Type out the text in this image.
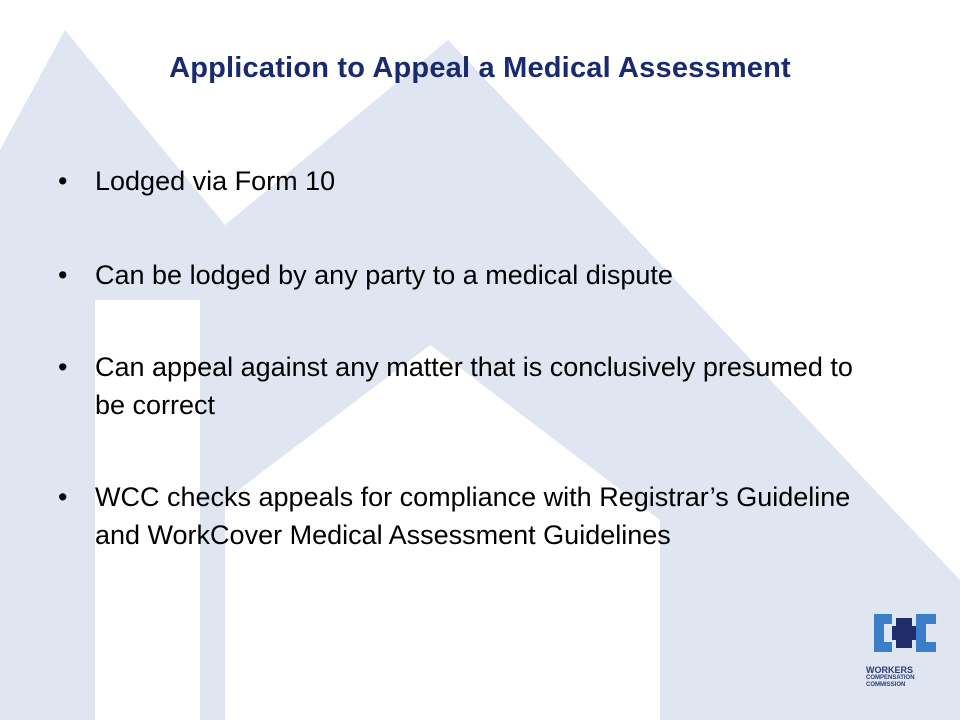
Application to Appeal a Medical Assessment
• Lodged via Form 10
• Can be lodged by any party to a medical dispute
• Can appeal against any matter that is conclusively presumed to be correct
• WCC checks appeals for compliance with Registrar’s Guideline and WorkCover Medical Assessment Guidelines
WORKERS
COMPENSATION
COMMISSION
